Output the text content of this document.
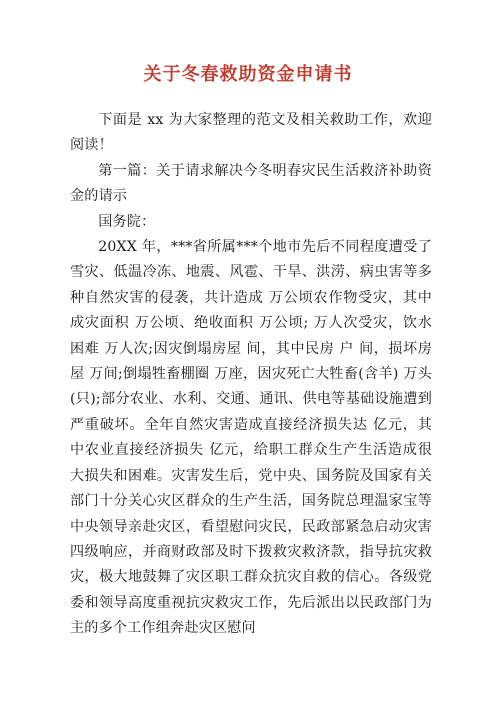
关于冬春救助资金申请书

下面是 xx 为大家整理的范文及相关救助工作，欢迎阅读！

第一篇：关于请求解决今冬明春灾民生活救济补助资金的请示

国务院：

20XX 年，***省所属***个地市先后不同程度遭受了雪灾、低温冷冻、地震、风雹、干旱、洪涝、病虫害等多种自然灾害的侵袭，共计造成 万公顷农作物受灾，其中成灾面积 万公顷、绝收面积 万公顷; 万人次受灾，饮水困难 万人次;因灾倒塌房屋 间，其中民房 户 间，损坏房屋 万间;倒塌牲畜棚圈 万座，因灾死亡大牲畜(含羊) 万头(只);部分农业、水利、交通、通讯、供电等基础设施遭到严重破坏。全年自然灾害造成直接经济损失达 亿元，其中农业直接经济损失 亿元，给职工群众生产生活造成很大损失和困难。灾害发生后，党中央、国务院及国家有关部门十分关心灾区群众的生产生活，国务院总理温家宝等中央领导亲赴灾区，看望慰问灾民，民政部紧急启动灾害四级响应，并商财政部及时下拨救灾救济款，指导抗灾救灾，极大地鼓舞了灾区职工群众抗灾自救的信心。各级党委和领导高度重视抗灾救灾工作，先后派出以民政部门为主的多个工作组奔赴灾区慰问
